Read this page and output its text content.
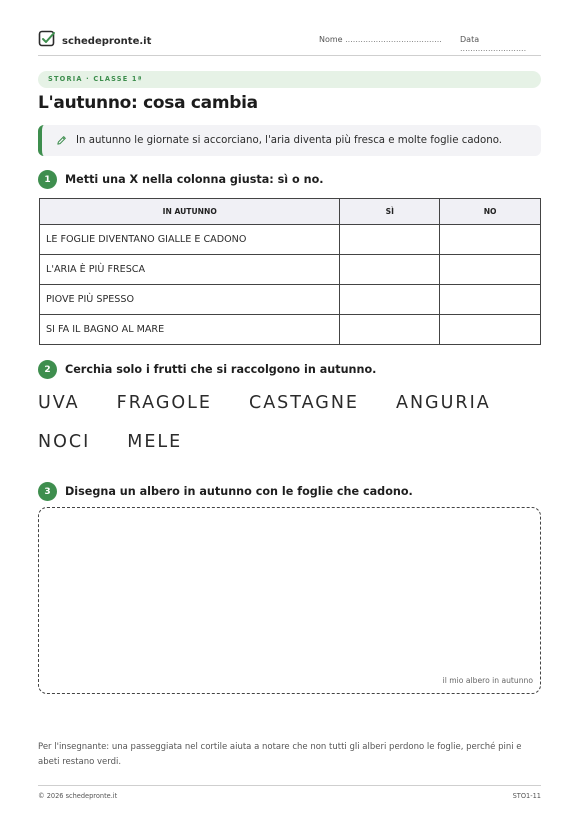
schedepronte.it	Nome ...................................... Data ..........................
STORIA · CLASSE 1ª
L'autunno: cosa cambia
In autunno le giornate si accorciano, l'aria diventa più fresca e molte foglie cadono.
1	Metti una X nella colonna giusta: sì o no.
IN AUTUNNO	SÌ	NO
LE FOGLIE DIVENTANO GIALLE E CADONO		
L'ARIA È PIÙ FRESCA		
PIOVE PIÙ SPESSO		
SI FA IL BAGNO AL MARE		
2	Cerchia solo i frutti che si raccolgono in autunno.
UVA FRAGOLE CASTAGNE ANGURIA
NOCI MELE
3	Disegna un albero in autunno con le foglie che cadono.
il mio albero in autunno
Per l'insegnante: una passeggiata nel cortile aiuta a notare che non tutti gli alberi perdono le foglie, perché pini e abeti restano verdi.
© 2026 schedepronte.it	STO1-11
